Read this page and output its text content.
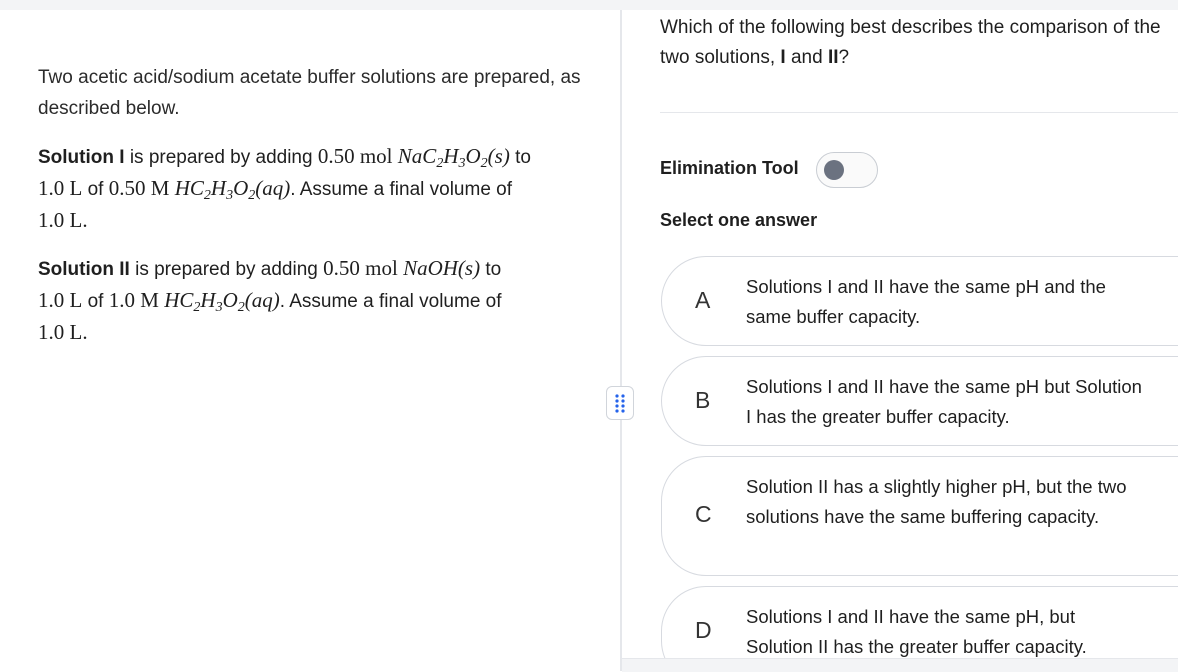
Two acetic acid/sodium acetate buffer solutions are prepared, as described below.
Solution I is prepared by adding 0.50 mol $NaC_2H_3O_2(s)$ to
1.0 L of 0.50 M $HC_2H_3O_2(aq)$. Assume a final volume of
1.0 L.
Solution II is prepared by adding 0.50 mol NaOH(s) to
1.0 L of 1.0 M $HC_2H_3O_2(aq)$. Assume a final volume of
1.0 L.
Which of the following best describes the comparison of the
two solutions, I and II?
Elimination Tool
Select one answer
A
Solutions I and II have the same pH and the same buffer capacity.
B
Solutions I and II have the same pH but Solution I has the greater buffer capacity.
C
Solution II has a slightly higher pH, but the two solutions have the same buffering capacity.
D
Solutions I and II have the same pH, but Solution II has the greater buffer capacity.
